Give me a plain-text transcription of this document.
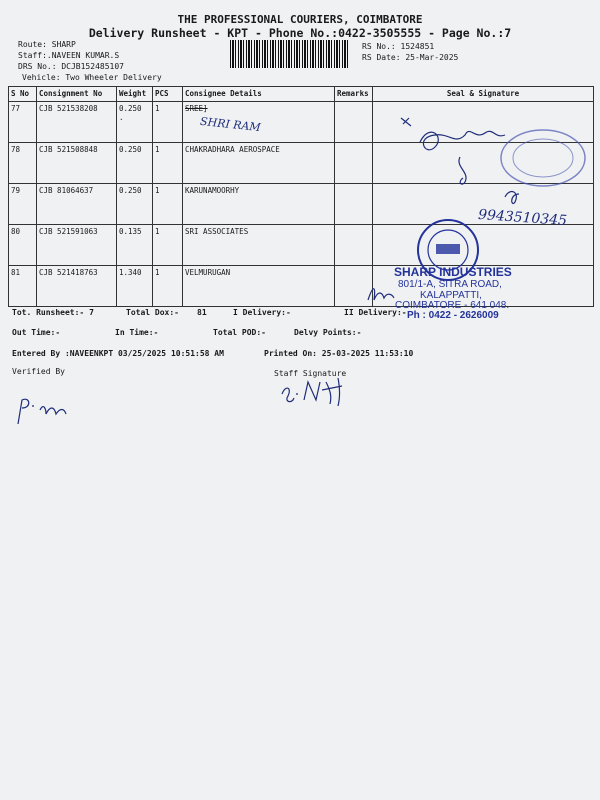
THE PROFESSIONAL COURIERS, COIMBATORE
Delivery Runsheet - KPT - Phone No.:0422-3505555 - Page No.:7
Route: SHARP
Staff:.NAVEEN KUMAR.S
DRS No.: DCJB152485107
Vehicle: Two Wheeler Delivery
RS No.: 1524851
RS Date: 25-Mar-2025
S No	Consignment No	Weight	PCS	Consignee Details	Remarks	Seal & Signature
77	CJB 521538208	0.250 .	1	SREE]		
78	CJB 521508848	0.250	1	CHAKRADHARA AEROSPACE		
79	CJB 81064637	0.250	1	KARUNAMOORHY		
80	CJB 521591063	0.135	1	SRI ASSOCIATES		
81	CJB 521418763	1.340	1	VELMURUGAN		
SHRI RAM
9943510345
SHARP INDUSTRIES
801/1-A, SITRA ROAD,
KALAPPATTI,
COIMBATORE - 641 048.
Ph : 0422 - 2626009
Tot. Runsheet:- 7	Total Dox:- 81	I Delivery:-	II Delivery:-
Out Time:-	In Time:-	Total POD:-	Delvy Points:-
Entered By :NAVEENKPT 03/25/2025 10:51:58 AM	Printed On: 25-03-2025 11:53:10
Verified By	Staff Signature
